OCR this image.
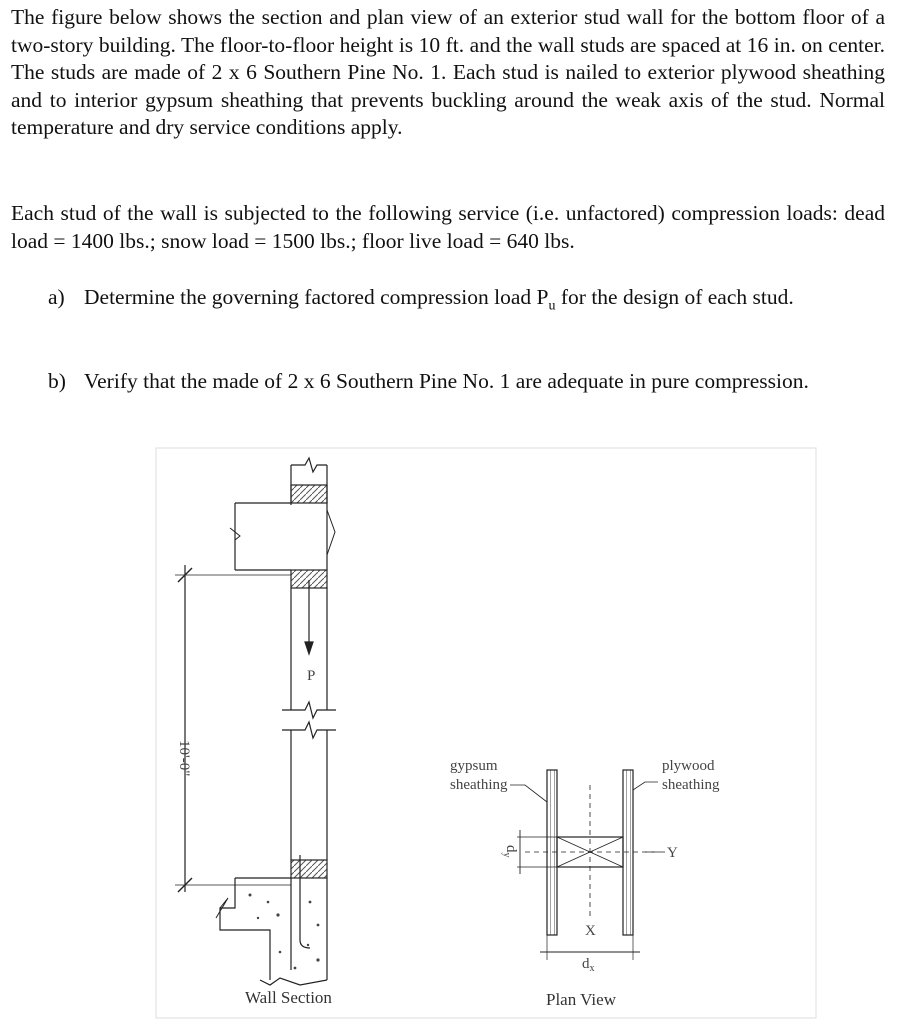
The figure below shows the section and plan view of an exterior stud wall for the bottom floor of a two-story building. The floor-to-floor height is 10 ft. and the wall studs are spaced at 16 in. on center. The studs are made of 2 x 6 Southern Pine No. 1. Each stud is nailed to exterior plywood sheathing and to interior gypsum sheathing that prevents buckling around the weak axis of the stud. Normal temperature and dry service conditions apply.
Each stud of the wall is subjected to the following service (i.e. unfactored) compression loads: dead load = 1400 lbs.; snow load = 1500 lbs.; floor live load = 640 lbs.
a) Determine the governing factored compression load $P_u$ for the design of each stud.
b) Verify that the made of 2 x 6 Southern Pine No. 1 are adequate in pure compression.
P
10'-0"
Wall Section
gypsum
sheathing
plywood
sheathing
Y
X
$d_y$
$d_x$
Plan View
